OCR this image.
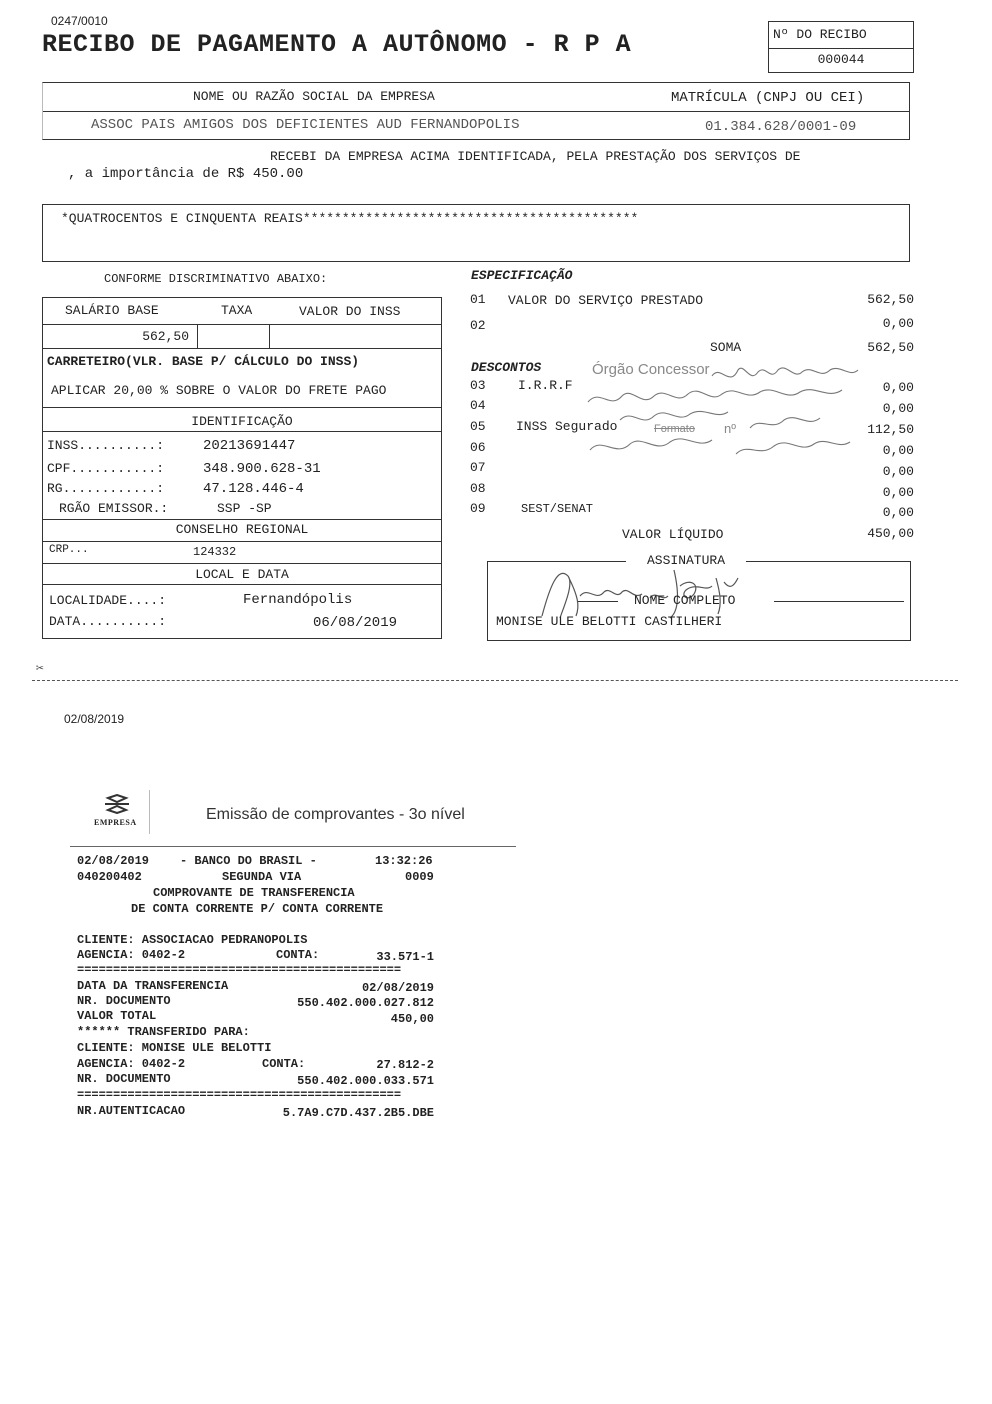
0247/0010
RECIBO DE PAGAMENTO A AUTÔNOMO - R P A	Nº DO RECIBO
000044
NOME OU RAZÃO SOCIAL DA EMPRESA	MATRÍCULA (CNPJ OU CEI)
ASSOC PAIS AMIGOS DOS DEFICIENTES AUD FERNANDOPOLIS	01.384.628/0001-09
RECEBI DA EMPRESA ACIMA IDENTIFICADA, PELA PRESTAÇÃO DOS SERVIÇOS DE
, a importância de R$ 450.00
*QUATROCENTOS E CINQUENTA REAIS*******************************************
CONFORME DISCRIMINATIVO ABAIXO:
SALÁRIO BASE	TAXA	VALOR DO INSS
562,50
CARRETEIRO(VLR. BASE P/ CÁLCULO DO INSS)
APLICAR 20,00 % SOBRE O VALOR DO FRETE PAGO
IDENTIFICAÇÃO
INSS..........:	20213691447
CPF...........:	348.900.628-31
RG............:	47.128.446-4
RGÃO EMISSOR.:	SSP -SP
CONSELHO REGIONAL
CRP...	124332
LOCAL E DATA
LOCALIDADE....:	Fernandópolis
DATA..........:	06/08/2019
ESPECIFICAÇÃO
01 VALOR DO SERVIÇO PRESTADO	562,50
02	0,00
SOMA	562,50
DESCONTOS
03 I.R.R.F	0,00
04	0,00
05 INSS Segurado	112,50
06	0,00
07	0,00
08	0,00
09	SEST/SENAT	0,00
VALOR LÍQUIDO	450,00
Órgão Concessor
Formato nº
ASSINATURA
NOME COMPLETO
MONISE ULE BELOTTI CASTILHERI
✂
02/08/2019
EMPRESA	Emissão de comprovantes - 3o nível
02/08/2019	- BANCO DO BRASIL -	13:32:26
040200402	SEGUNDA VIA	0009
COMPROVANTE DE TRANSFERENCIA
DE CONTA CORRENTE P/ CONTA CORRENTE
CLIENTE: ASSOCIACAO PEDRANOPOLIS
AGENCIA: 0402-2	CONTA:	33.571-1
=============================================
DATA DA TRANSFERENCIA	02/08/2019
NR. DOCUMENTO	550.402.000.027.812
VALOR TOTAL	450,00
****** TRANSFERIDO PARA:
CLIENTE: MONISE ULE BELOTTI
AGENCIA: 0402-2	CONTA:	27.812-2
NR. DOCUMENTO	550.402.000.033.571
=============================================
NR.AUTENTICACAO	5.7A9.C7D.437.2B5.DBE
